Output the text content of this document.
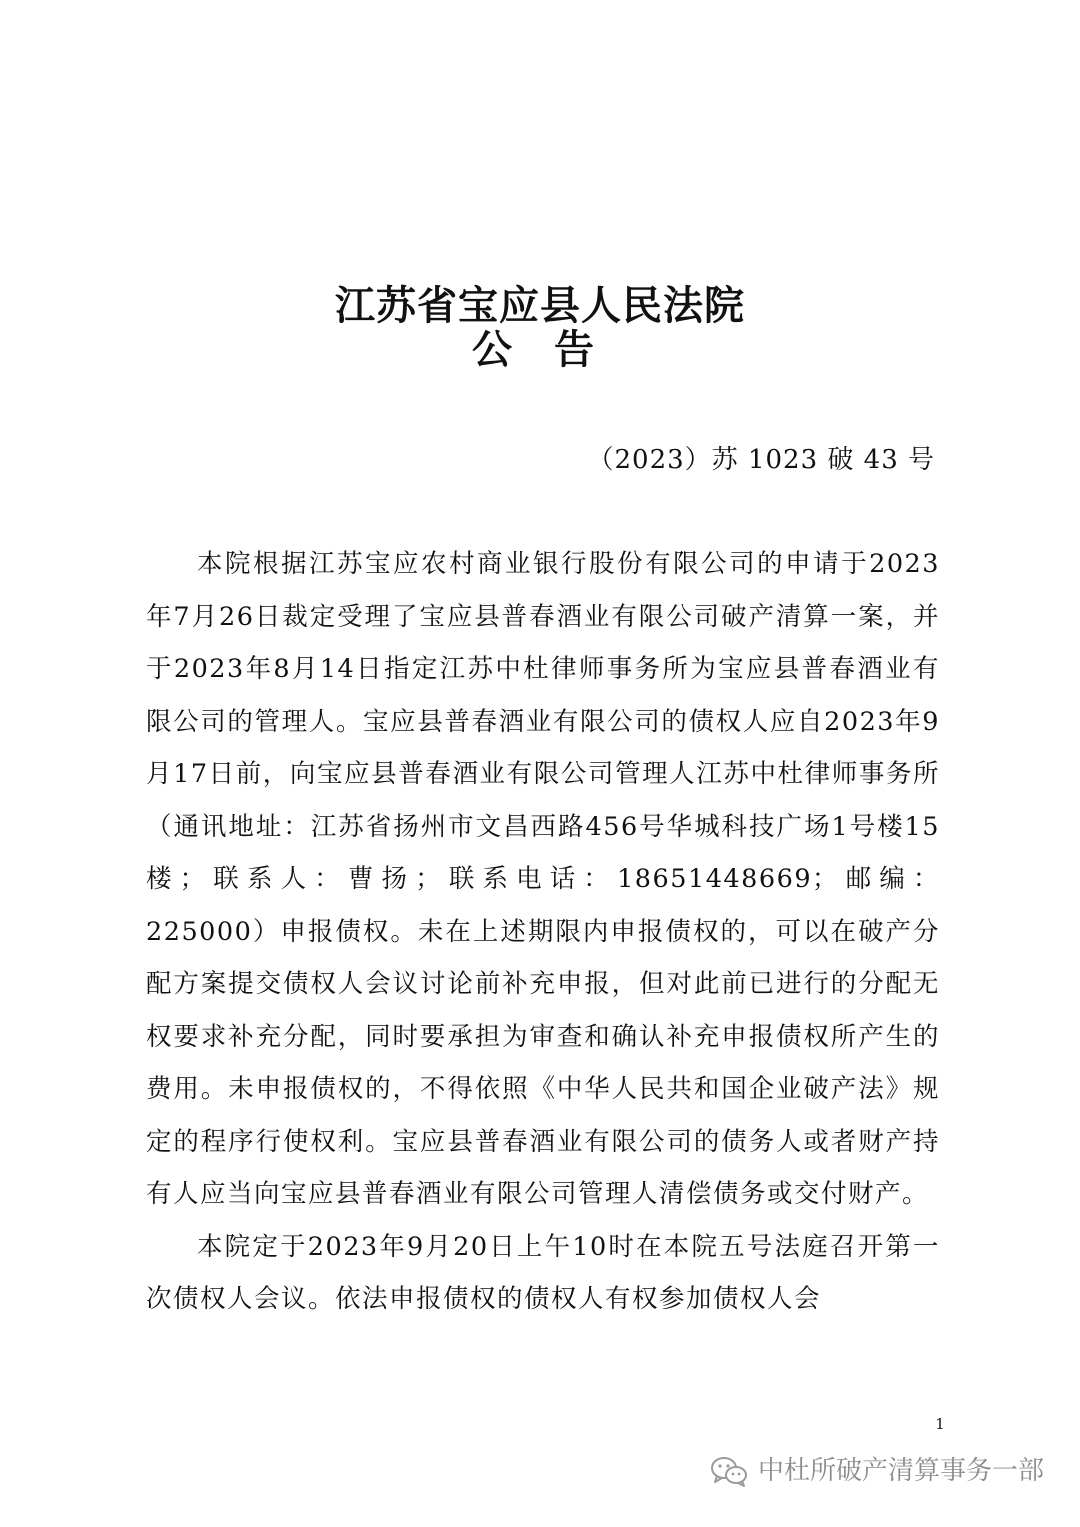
江苏省宝应县人民法院
公 告
（2023）苏 1023 破 43 号

本院根据江苏宝应农村商业银行股份有限公司的申请于2023年7月26日裁定受理了宝应县普春酒业有限公司破产清算一案，并于2023年8月14日指定江苏中杜律师事务所为宝应县普春酒业有限公司的管理人。宝应县普春酒业有限公司的债权人应自2023年9月17日前，向宝应县普春酒业有限公司管理人江苏中杜律师事务所（通讯地址：江苏省扬州市文昌西路456号华城科技广场1号楼15楼；联系人：曹扬；联系电话：18651448669；邮编：225000）申报债权。未在上述期限内申报债权的，可以在破产分配方案提交债权人会议讨论前补充申报，但对此前已进行的分配无权要求补充分配，同时要承担为审查和确认补充申报债权所产生的费用。未申报债权的，不得依照《中华人民共和国企业破产法》规定的程序行使权利。宝应县普春酒业有限公司的债务人或者财产持有人应当向宝应县普春酒业有限公司管理人清偿债务或交付财产。

本院定于2023年9月20日上午10时在本院五号法庭召开第一次债权人会议。依法申报债权的债权人有权参加债权人会

1
中杜所破产清算事务一部
